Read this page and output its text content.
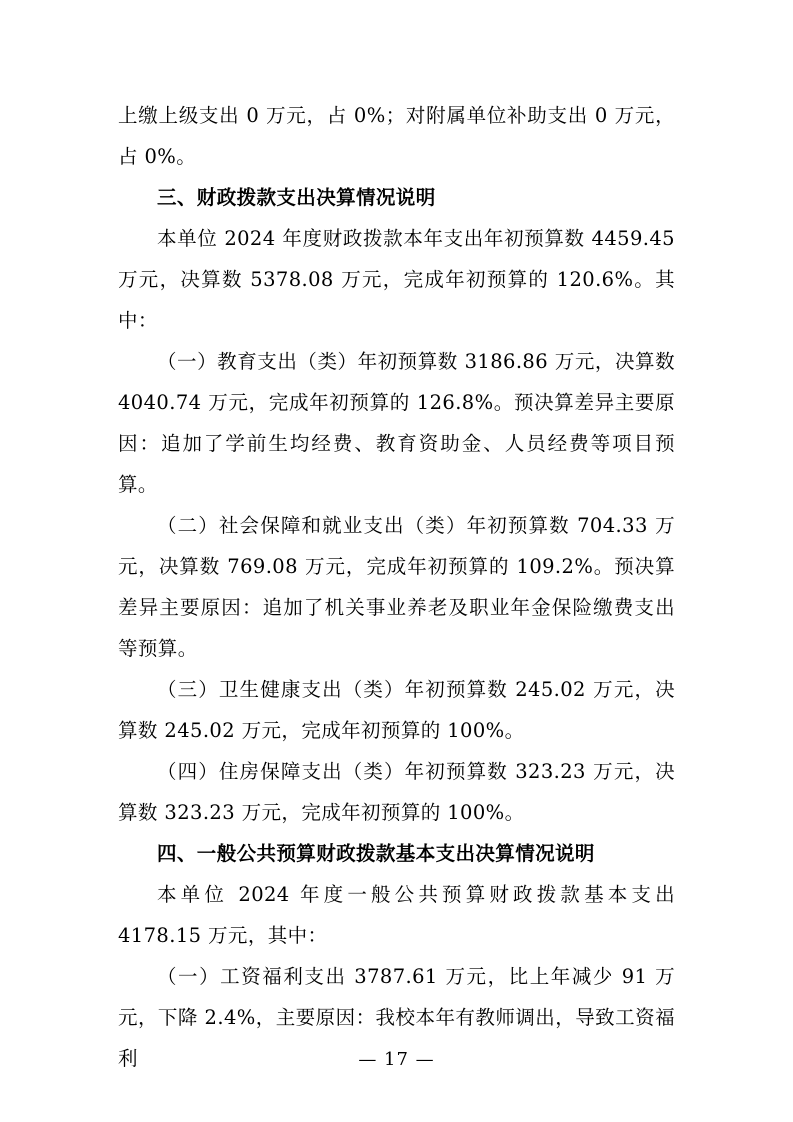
上缴上级支出 0 万元，占 0%；对附属单位补助支出 0 万元，占 0%。

三、财政拨款支出决算情况说明

本单位 2024 年度财政拨款本年支出年初预算数 4459.45 万元，决算数 5378.08 万元，完成年初预算的 120.6%。其中：

（一）教育支出（类）年初预算数 3186.86 万元，决算数 4040.74 万元，完成年初预算的 126.8%。预决算差异主要原因：追加了学前生均经费、教育资助金、人员经费等项目预算。

（二）社会保障和就业支出（类）年初预算数 704.33 万元，决算数 769.08 万元，完成年初预算的 109.2%。预决算差异主要原因：追加了机关事业养老及职业年金保险缴费支出等预算。

（三）卫生健康支出（类）年初预算数 245.02 万元，决算数 245.02 万元，完成年初预算的 100%。

（四）住房保障支出（类）年初预算数 323.23 万元，决算数 323.23 万元，完成年初预算的 100%。

四、一般公共预算财政拨款基本支出决算情况说明

本单位 2024 年度一般公共预算财政拨款基本支出 4178.15 万元，其中：

（一）工资福利支出 3787.61 万元，比上年减少 91 万元，下降 2.4%，主要原因：我校本年有教师调出，导致工资福利	— 17 —
